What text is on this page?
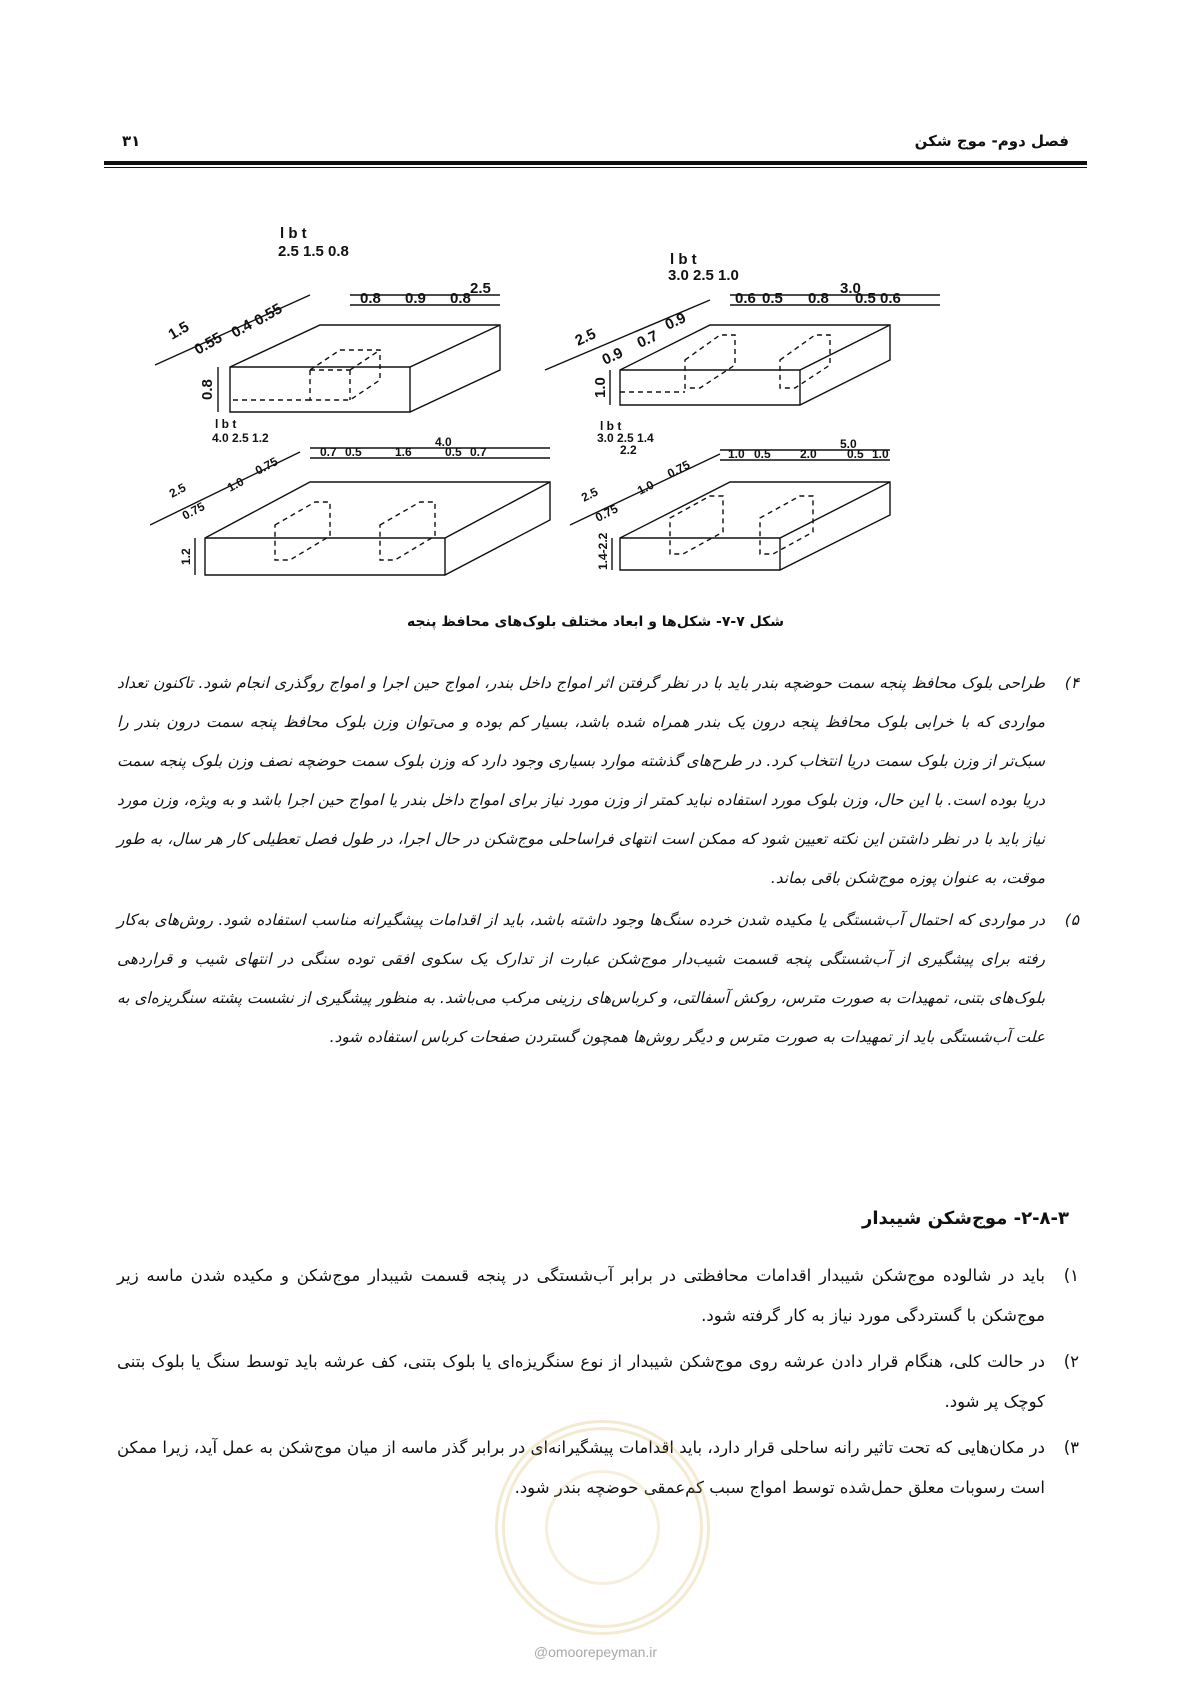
فصل دوم- موج شکن
۳۱
l b t
2.5 1.5 0.8
2.5
0.8 0.9 0.8
1.5 0.55
0.4
0.55
0.8
l b t
3.0 2.5 1.0
3.0
0.6 0.5 0.8 0.5 0.6
2.5
0.9
0.7
0.9
1.0
l b t
4.0 2.5 1.2	4.0
0.7 0.5	1.6	0.5 0.7
2.5
0.75
1.0
0.75
1.2
l b t
3.0 2.5 1.4
2.2	5.0
1.0 0.5 2.0	0.5 1.0
2.5
0.75
1.0
0.75
1.4-2.2
شکل ۷-۷- شکل‌ها و ابعاد مختلف بلوک‌های محافظ پنجه

۴)
طراحی بلوک محافظ پنجه سمت حوضچه بندر باید با در نظر گرفتن اثر امواج داخل بندر، امواج حین اجرا و امواج روگذری انجام شود. تاکنون تعداد مواردی که با خرابی بلوک محافظ پنجه درون یک بندر همراه شده باشد، بسیار کم بوده و می‌توان وزن بلوک محافظ پنجه سمت درون بندر را سبک‌تر از وزن بلوک سمت دریا انتخاب کرد. در طرح‌های گذشته موارد بسیاری وجود دارد که وزن بلوک سمت حوضچه نصف وزن بلوک پنجه سمت دریا بوده است. با این حال، وزن بلوک مورد استفاده نباید کمتر از وزن مورد نیاز برای امواج داخل بندر یا امواج حین اجرا باشد و به ویژه، وزن مورد نیاز باید با در نظر داشتن این نکته تعیین شود که ممکن است انتهای فراساحلی موج‌شکن در حال اجرا، در طول فصل تعطیلی کار هر سال، به طور موقت، به عنوان پوزه موج‌شکن باقی بماند.

۵)
در مواردی که احتمال آب‌شستگی یا مکیده شدن خرده سنگ‌ها وجود داشته باشد، باید از اقدامات پیشگیرانه مناسب استفاده شود. روش‌های به‌کار رفته برای پیشگیری از آب‌شستگی پنجه قسمت شیب‌دار موج‌شکن عبارت از تدارک یک سکوی افقی توده سنگی در انتهای شیب و قراردهی بلوک‌های بتنی، تمهیدات به صورت مترس، روکش آسفالتی، و کرباس‌های رزینی مرکب می‌باشد. به منظور پیشگیری از نشست پشته سنگریزه‌ای به علت آب‌شستگی باید از تمهیدات به صورت مترس و دیگر روش‌ها همچون گستردن صفحات کرباس استفاده شود.

۲-۸-۳- موج‌شکن شیبدار

۱)
باید در شالوده موج‌شکن شیبدار اقدامات محافظتی در برابر آب‌شستگی در پنجه قسمت شیبدار موج‌شکن و مکیده شدن ماسه زیر موج‌شکن با گستردگی مورد نیاز به کار گرفته شود.

۲)
در حالت کلی، هنگام قرار دادن عرشه روی موج‌شکن شیبدار از نوع سنگریزه‌ای یا بلوک بتنی، کف عرشه باید توسط سنگ یا بلوک بتنی کوچک پر شود.

۳)
در مکان‌هایی که تحت تاثیر رانه ساحلی قرار دارد، باید اقدامات پیشگیرانه‌ای در برابر گذر ماسه از میان موج‌شکن به عمل آید، زیرا ممکن است رسوبات معلق حمل‌شده توسط امواج سبب کم‌عمقی حوضچه بندر شود.

@omoorepeyman.ir
